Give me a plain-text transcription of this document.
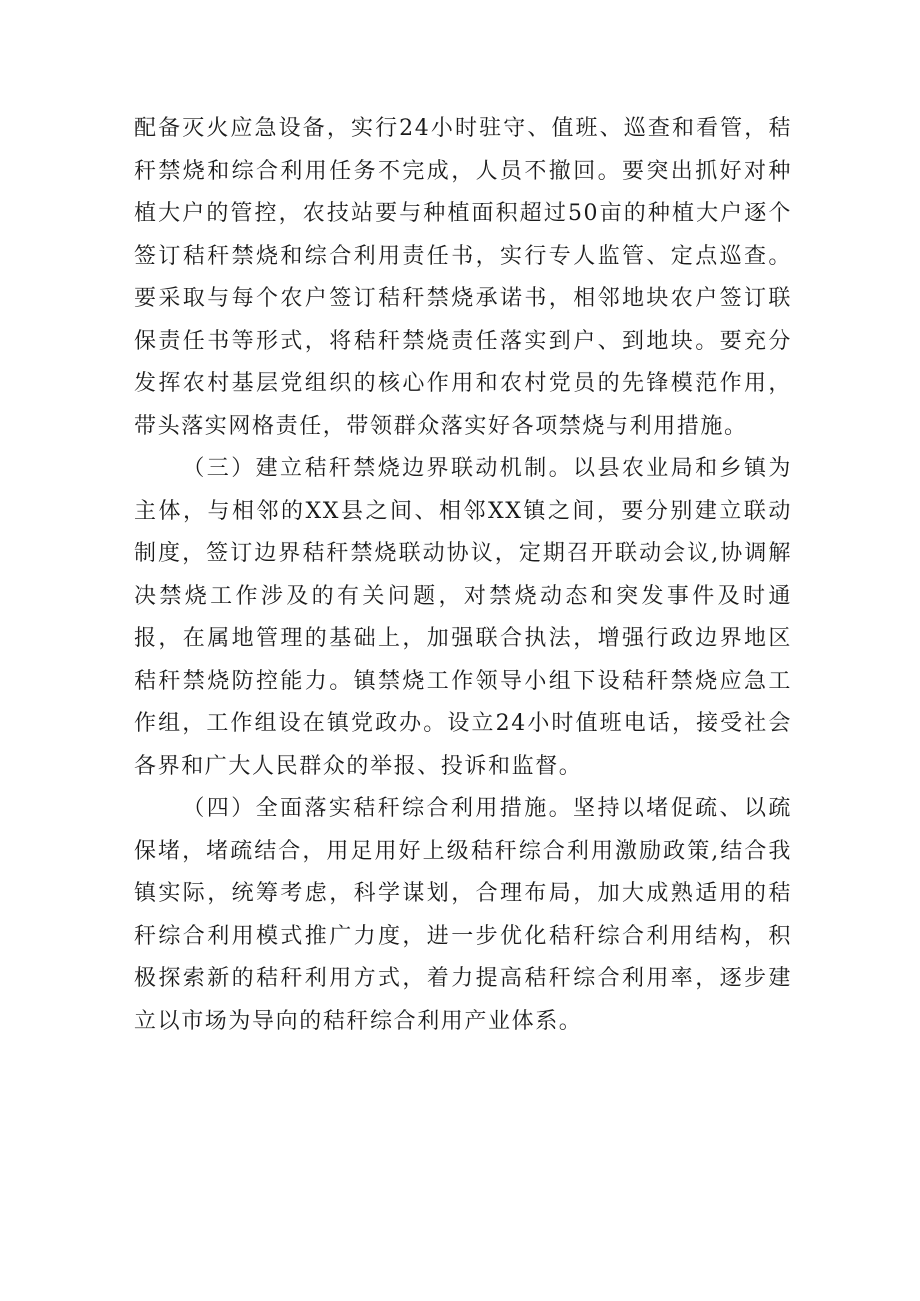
配备灭火应急设备，实行24小时驻守、值班、巡查和看管，秸秆禁烧和综合利用任务不完成，人员不撤回。要突出抓好对种植大户的管控，农技站要与种植面积超过50亩的种植大户逐个签订秸秆禁烧和综合利用责任书，实行专人监管、定点巡查。要采取与每个农户签订秸秆禁烧承诺书，相邻地块农户签订联保责任书等形式，将秸秆禁烧责任落实到户、到地块。要充分发挥农村基层党组织的核心作用和农村党员的先锋模范作用，带头落实网格责任，带领群众落实好各项禁烧与利用措施。

（三）建立秸秆禁烧边界联动机制。以县农业局和乡镇为主体，与相邻的XX县之间、相邻XX镇之间，要分别建立联动制度，签订边界秸秆禁烧联动协议，定期召开联动会议,协调解决禁烧工作涉及的有关问题，对禁烧动态和突发事件及时通报，在属地管理的基础上，加强联合执法，增强行政边界地区秸秆禁烧防控能力。镇禁烧工作领导小组下设秸秆禁烧应急工作组，工作组设在镇党政办。设立24小时值班电话，接受社会各界和广大人民群众的举报、投诉和监督。

（四）全面落实秸秆综合利用措施。坚持以堵促疏、以疏保堵，堵疏结合，用足用好上级秸秆综合利用激励政策,结合我镇实际，统筹考虑，科学谋划，合理布局，加大成熟适用的秸秆综合利用模式推广力度，进一步优化秸秆综合利用结构，积极探索新的秸秆利用方式，着力提高秸秆综合利用率，逐步建立以市场为导向的秸秆综合利用产业体系。
